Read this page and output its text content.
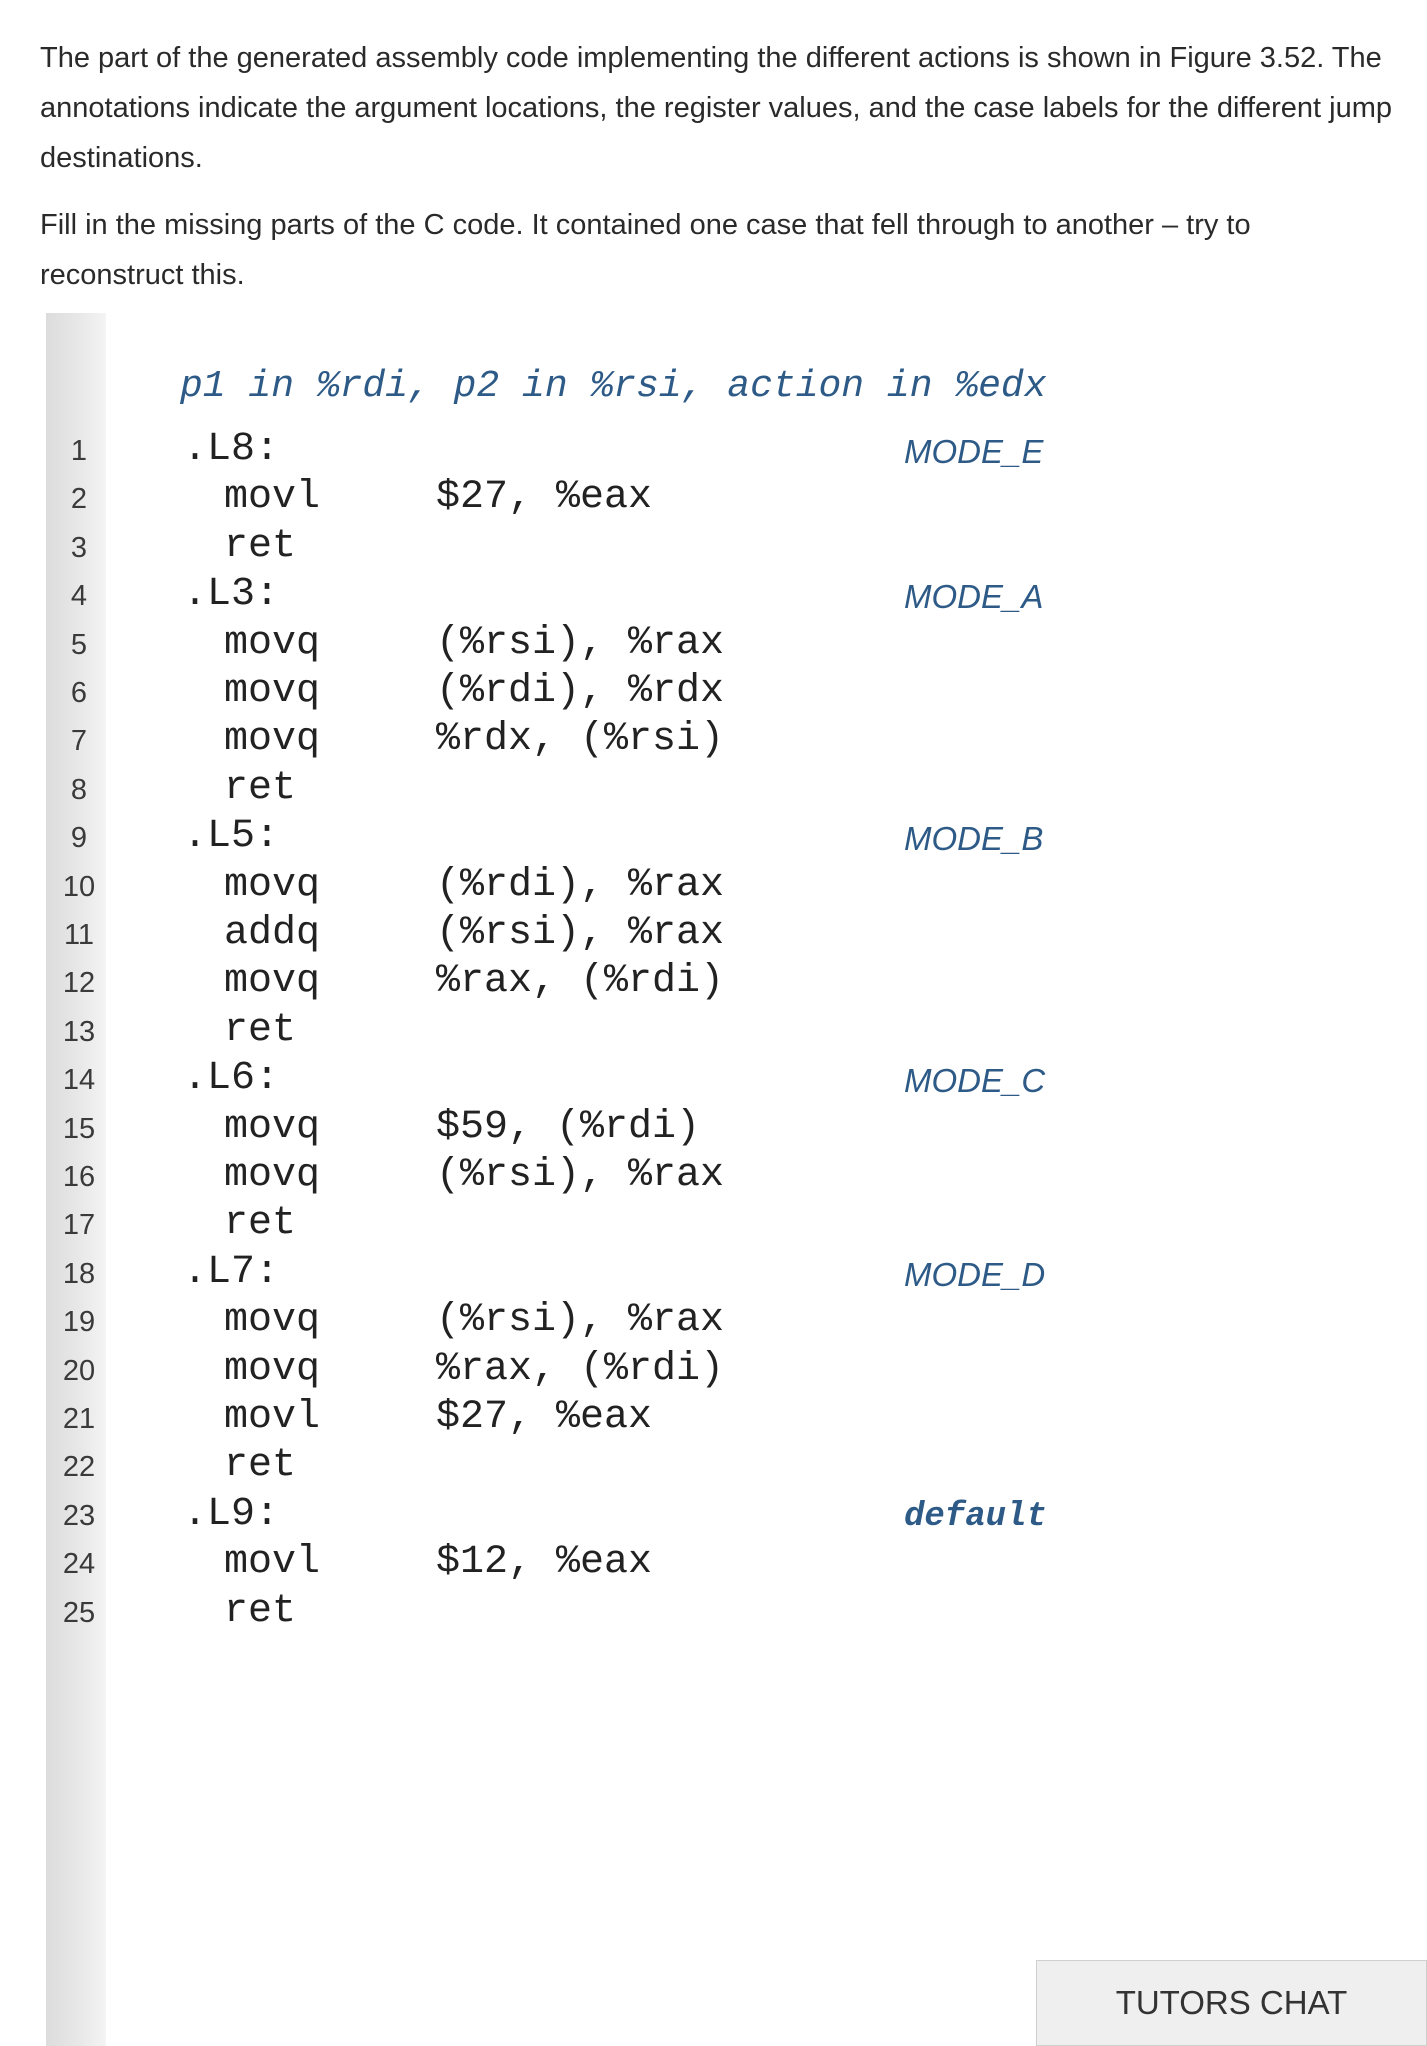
The part of the generated assembly code implementing the different actions is shown in Figure 3.52. The annotations indicate the argument locations, the register values, and the case labels for the different jump destinations.
Fill in the missing parts of the C code. It contained one case that fell through to another – try to reconstruct this.
p1 in %rdi, p2 in %rsi, action in %edx
1	.L8:	MODE_E
2	movl	$27, %eax
3	ret
4	.L3:	MODE_A
5	movq	(%rsi), %rax
6	movq	(%rdi), %rdx
7	movq	%rdx, (%rsi)
8	ret
9	.L5:	MODE_B
10	movq	(%rdi), %rax
11	addq	(%rsi), %rax
12	movq	%rax, (%rdi)
13	ret
14 .L6:	MODE_C
15	movq	$59, (%rdi)
16	movq	(%rsi), %rax
17	ret
18 .L7:	MODE_D
19	movq	(%rsi), %rax
20	movq	%rax, (%rdi)
21	movl	$27, %eax
22	ret
23 .L9:	default
24	movl	$12, %eax
25	ret
TUTORS CHAT
